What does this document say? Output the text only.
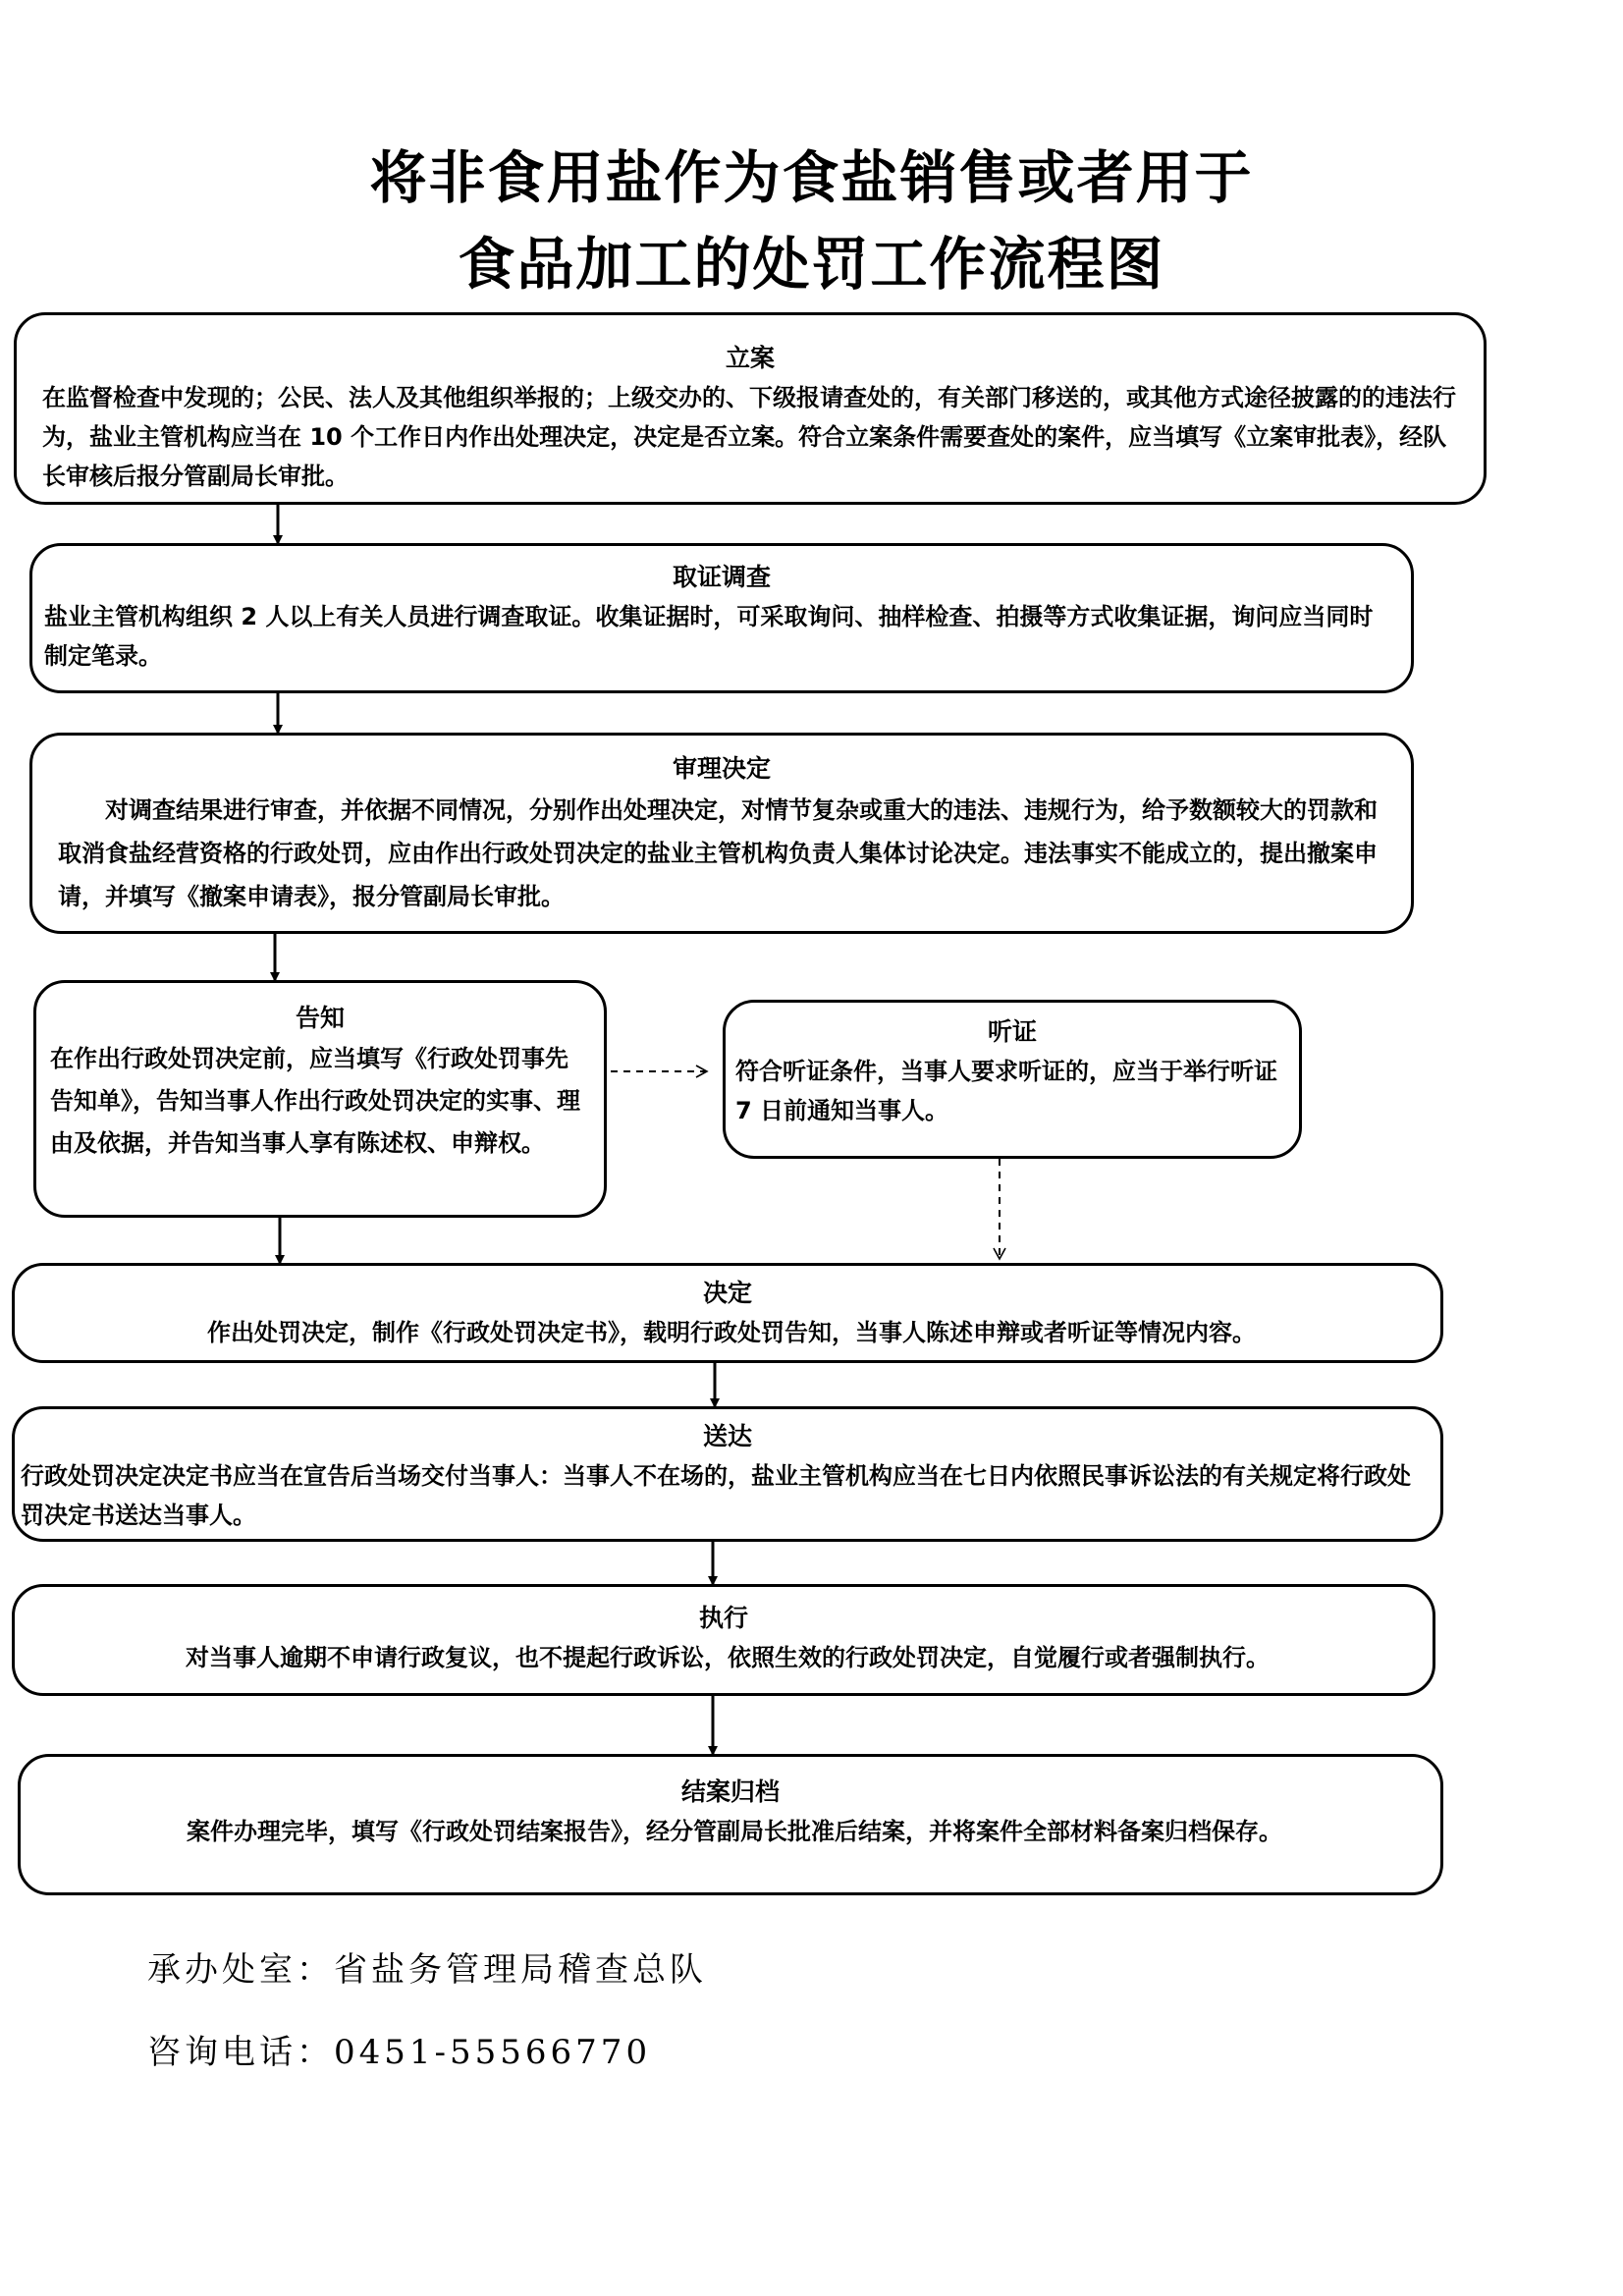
将非食用盐作为食盐销售或者用于
食品加工的处罚工作流程图
立案
在监督检查中发现的；公民、法人及其他组织举报的；上级交办的、下级报请查处的，有关部门移送的，或其他方式途径披露的的违法行为，盐业主管机构应当在 10 个工作日内作出处理决定，决定是否立案。符合立案条件需要查处的案件，应当填写《立案审批表》，经队长审核后报分管副局长审批。
取证调查
盐业主管机构组织 2 人以上有关人员进行调查取证。收集证据时，可采取询问、抽样检查、拍摄等方式收集证据，询问应当同时制定笔录。
审理决定
对调查结果进行审查，并依据不同情况，分别作出处理决定，对情节复杂或重大的违法、违规行为，给予数额较大的罚款和取消食盐经营资格的行政处罚，应由作出行政处罚决定的盐业主管机构负责人集体讨论决定。违法事实不能成立的，提出撤案申请，并填写《撤案申请表》，报分管副局长审批。
告知
在作出行政处罚决定前，应当填写《行政处罚事先告知单》，告知当事人作出行政处罚决定的实事、理由及依据，并告知当事人享有陈述权、申辩权。
听证
符合听证条件，当事人要求听证的，应当于举行听证 7 日前通知当事人。
决定
作出处罚决定，制作《行政处罚决定书》，载明行政处罚告知，当事人陈述申辩或者听证等情况内容。
送达
行政处罚决定决定书应当在宣告后当场交付当事人：当事人不在场的，盐业主管机构应当在七日内依照民事诉讼法的有关规定将行政处罚决定书送达当事人。
执行
对当事人逾期不申请行政复议，也不提起行政诉讼，依照生效的行政处罚决定，自觉履行或者强制执行。
结案归档
案件办理完毕，填写《行政处罚结案报告》，经分管副局长批准后结案，并将案件全部材料备案归档保存。
承办处室：省盐务管理局稽查总队
咨询电话：0451-55566770
